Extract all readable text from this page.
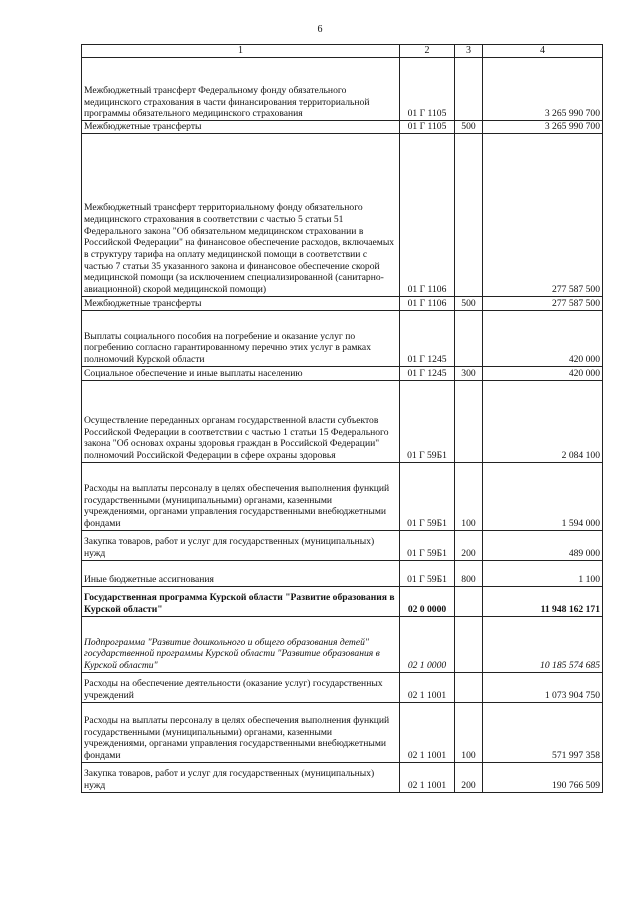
6
1	2	3	4
Межбюджетный трансферт Федеральному фонду обязательного медицинского страхования в части финансирования территориальной программы обязательного медицинского страхования	01 Г 1105		3 265 990 700
Межбюджетные трансферты	01 Г 1105	500	3 265 990 700
Межбюджетный трансферт территориальному фонду обязательного медицинского страхования в соответствии с частью 5 статьи 51 Федерального закона "Об обязательном медицинском страховании в Российской Федерации" на финансовое обеспечение расходов, включаемых в структуру тарифа на оплату медицинской помощи в соответствии с частью 7 статьи 35 указанного закона и финансовое обеспечение скорой медицинской помощи (за исключением специализированной (санитарно-авиационной) скорой медицинской помощи)	01 Г 1106		277 587 500
Межбюджетные трансферты	01 Г 1106	500	277 587 500
Выплаты социального пособия на погребение и оказание услуг по погребению согласно гарантированному перечню этих услуг в рамках полномочий Курской области	01 Г 1245		420 000
Социальное обеспечение и иные выплаты населению	01 Г 1245	300	420 000
Осуществление переданных органам государственной власти субъектов Российской Федерации в соответствии с частью 1 статьи 15 Федерального закона "Об основах охраны здоровья граждан в Российской Федерации" полномочий Российской Федерации в сфере охраны здоровья	01 Г 59Б1		2 084 100
Расходы на выплаты персоналу в целях обеспечения выполнения функций государственными (муниципальными) органами, казенными учреждениями, органами управления государственными внебюджетными фондами	01 Г 59Б1	100	1 594 000
Закупка товаров, работ и услуг для государственных (муниципальных) нужд	01 Г 59Б1	200	489 000
Иные бюджетные ассигнования	01 Г 59Б1	800	1 100
Государственная программа Курской области "Развитие образования в Курской области"	02 0 0000		11 948 162 171
Подпрограмма "Развитие дошкольного и общего образования детей" государственной программы Курской области "Развитие образования в Курской области"	02 1 0000		10 185 574 685
Расходы на обеспечение деятельности (оказание услуг) государственных учреждений	02 1 1001		1 073 904 750
Расходы на выплаты персоналу в целях обеспечения выполнения функций государственными (муниципальными) органами, казенными учреждениями, органами управления государственными внебюджетными фондами	02 1 1001	100	571 997 358
Закупка товаров, работ и услуг для государственных (муниципальных) нужд	02 1 1001	200	190 766 509
